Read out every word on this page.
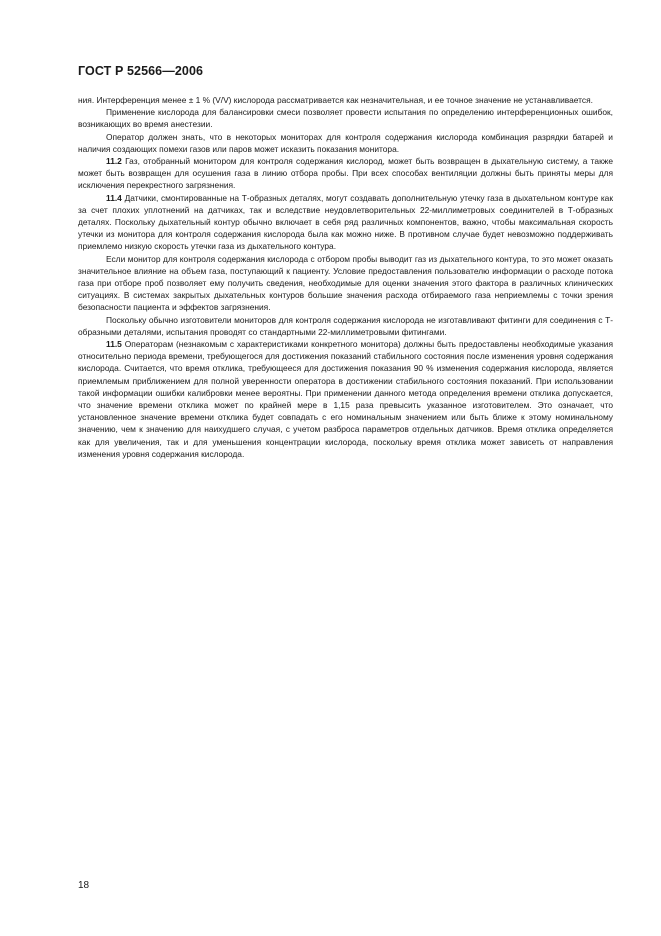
ГОСТ Р 52566—2006

ния. Интерференция менее ± 1 % (V/V) кислорода рассматривается как незначительная, и ее точное значение не устанавливается.

Применение кислорода для балансировки смеси позволяет провести испытания по определению интерференционных ошибок, возникающих во время анестезии.

Оператор должен знать, что в некоторых мониторах для контроля содержания кислорода комбинация разрядки батарей и наличия создающих помехи газов или паров может исказить показания монитора.

11.2 Газ, отобранный монитором для контроля содержания кислород, может быть возвращен в дыхательную систему, а также может быть возвращен для осушения газа в линию отбора пробы. При всех способах вентиляции должны быть приняты меры для исключения перекрестного загрязнения.

11.4 Датчики, смонтированные на Т-образных деталях, могут создавать дополнительную утечку газа в дыхательном контуре как за счет плохих уплотнений на датчиках, так и вследствие неудовлетворительных 22-миллиметровых соединителей в Т-образных деталях. Поскольку дыхательный контур обычно включает в себя ряд различных компонентов, важно, чтобы максимальная скорость утечки из монитора для контроля содержания кислорода была как можно ниже. В противном случае будет невозможно поддерживать приемлемо низкую скорость утечки газа из дыхательного контура.

Если монитор для контроля содержания кислорода с отбором пробы выводит газ из дыхательного контура, то это может оказать значительное влияние на объем газа, поступающий к пациенту. Условие предоставления пользователю информации о расходе потока газа при отборе проб позволяет ему получить сведения, необходимые для оценки значения этого фактора в различных клинических ситуациях. В системах закрытых дыхательных контуров большие значения расхода отбираемого газа неприемлемы с точки зрения безопасности пациента и эффектов загрязнения.

Поскольку обычно изготовители мониторов для контроля содержания кислорода не изготавливают фитинги для соединения с Т-образными деталями, испытания проводят со стандартными 22-миллиметровыми фитингами.

11.5 Операторам (незнакомым с характеристиками конкретного монитора) должны быть предоставлены необходимые указания относительно периода времени, требующегося для достижения показаний стабильного состояния после изменения уровня содержания кислорода. Считается, что время отклика, требующееся для достижения показания 90 % изменения содержания кислорода, является приемлемым приближением для полной уверенности оператора в достижении стабильного состояния показаний. При использовании такой информации ошибки калибровки менее вероятны. При применении данного метода определения времени отклика допускается, что значение времени отклика может по крайней мере в 1,15 раза превысить указанное изготовителем. Это означает, что установленное значение времени отклика будет совпадать с его номинальным значением или быть ближе к этому номинальному значению, чем к значению для наихудшего случая, с учетом разброса параметров отдельных датчиков. Время отклика определяется как для увеличения, так и для уменьшения концентрации кислорода, поскольку время отклика может зависеть от направления изменения уровня содержания кислорода.

18
